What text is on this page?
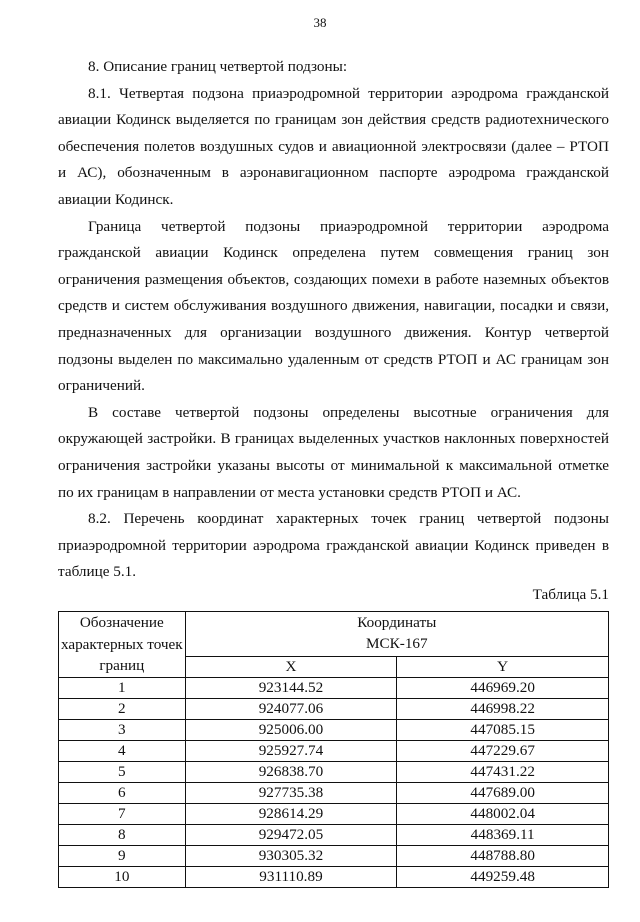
38

8. Описание границ четвертой подзоны:

8.1. Четвертая подзона приаэродромной территории аэродрома гражданской авиации Кодинск выделяется по границам зон действия средств радиотехнического обеспечения полетов воздушных судов и авиационной электросвязи (далее – РТОП и АС), обозначенным в аэронавигационном паспорте аэродрома гражданской авиации Кодинск.

Граница четвертой подзоны приаэродромной территории аэродрома гражданской авиации Кодинск определена путем совмещения границ зон ограничения размещения объектов, создающих помехи в работе наземных объектов средств и систем обслуживания воздушного движения, навигации, посадки и связи, предназначенных для организации воздушного движения. Контур четвертой подзоны выделен по максимально удаленным от средств РТОП и АС границам зон ограничений.

В составе четвертой подзоны определены высотные ограничения для окружающей застройки. В границах выделенных участков наклонных поверхностей ограничения застройки указаны высоты от минимальной к максимальной отметке по их границам в направлении от места установки средств РТОП и АС.

8.2. Перечень координат характерных точек границ четвертой подзоны приаэродромной территории аэродрома гражданской авиации Кодинск приведен в таблице 5.1.

Таблица 5.1
Обозначение характерных точек границ	Координаты
МСК-167	

	X	Y
1	923144.52	446969.20
2	924077.06	446998.22
3	925006.00	447085.15
4	925927.74	447229.67
5	926838.70	447431.22
6	927735.38	447689.00
7	928614.29	448002.04
8	929472.05	448369.11
9	930305.32	448788.80
10	931110.89	449259.48
